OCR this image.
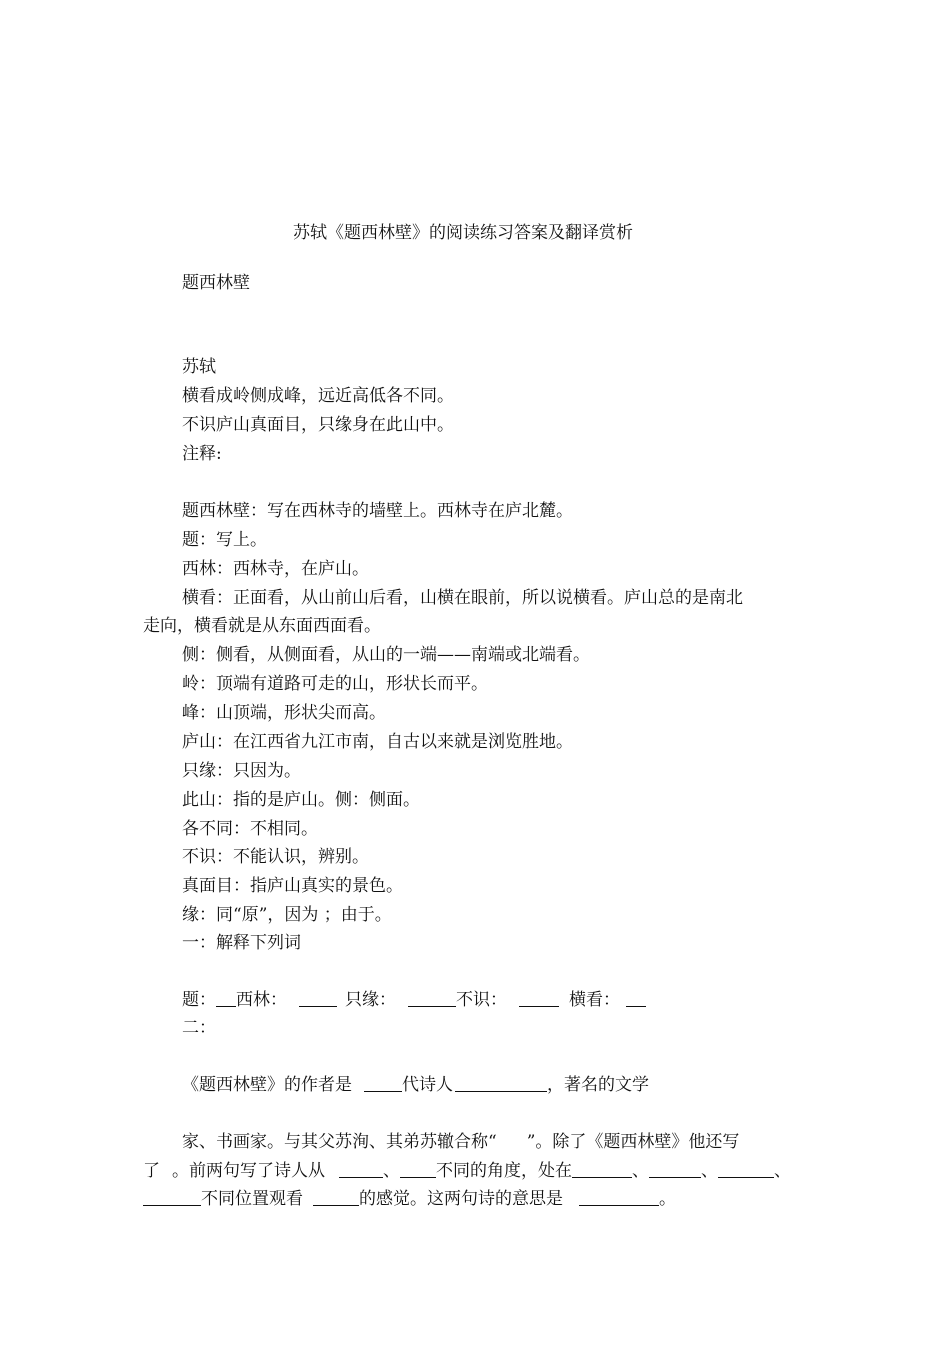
苏轼《题西林壁》的阅读练习答案及翻译赏析
题西林壁
苏轼
横看成岭侧成峰，远近高低各不同。
不识庐山真面目，只缘身在此山中。
注释:
题西林壁：写在西林寺的墙壁上。西林寺在庐北麓。
题：写上。
西林：西林寺，在庐山。
横看：正面看，从山前山后看，山横在眼前，所以说横看。庐山总的是南北
走向，横看就是从东面西面看。
侧：侧看，从侧面看，从山的一端——南端或北端看。
岭：顶端有道路可走的山，形状长而平。
峰：山顶端，形状尖而高。
庐山：在江西省九江市南，自古以来就是浏览胜地。
只缘：只因为。
此山：指的是庐山。侧：侧面。
各不同：不相同。
不识：不能认识，辨别。
真面目：指庐山真实的景色。
缘：同“原”，因为 ；由于。
一：解释下列词
题： 西林：	只缘：	不识：	横看：
二：
《题西林壁》的作者是	代诗人	，著名的文学
家、书画家。与其父苏洵、其弟苏辙合称“ ”。除了《题西林壁》他还写
了 。前两句写了诗人从	、 不同的角度，处在	、	、	、
不同位置观看	的感觉。这两句诗的意思是	。
